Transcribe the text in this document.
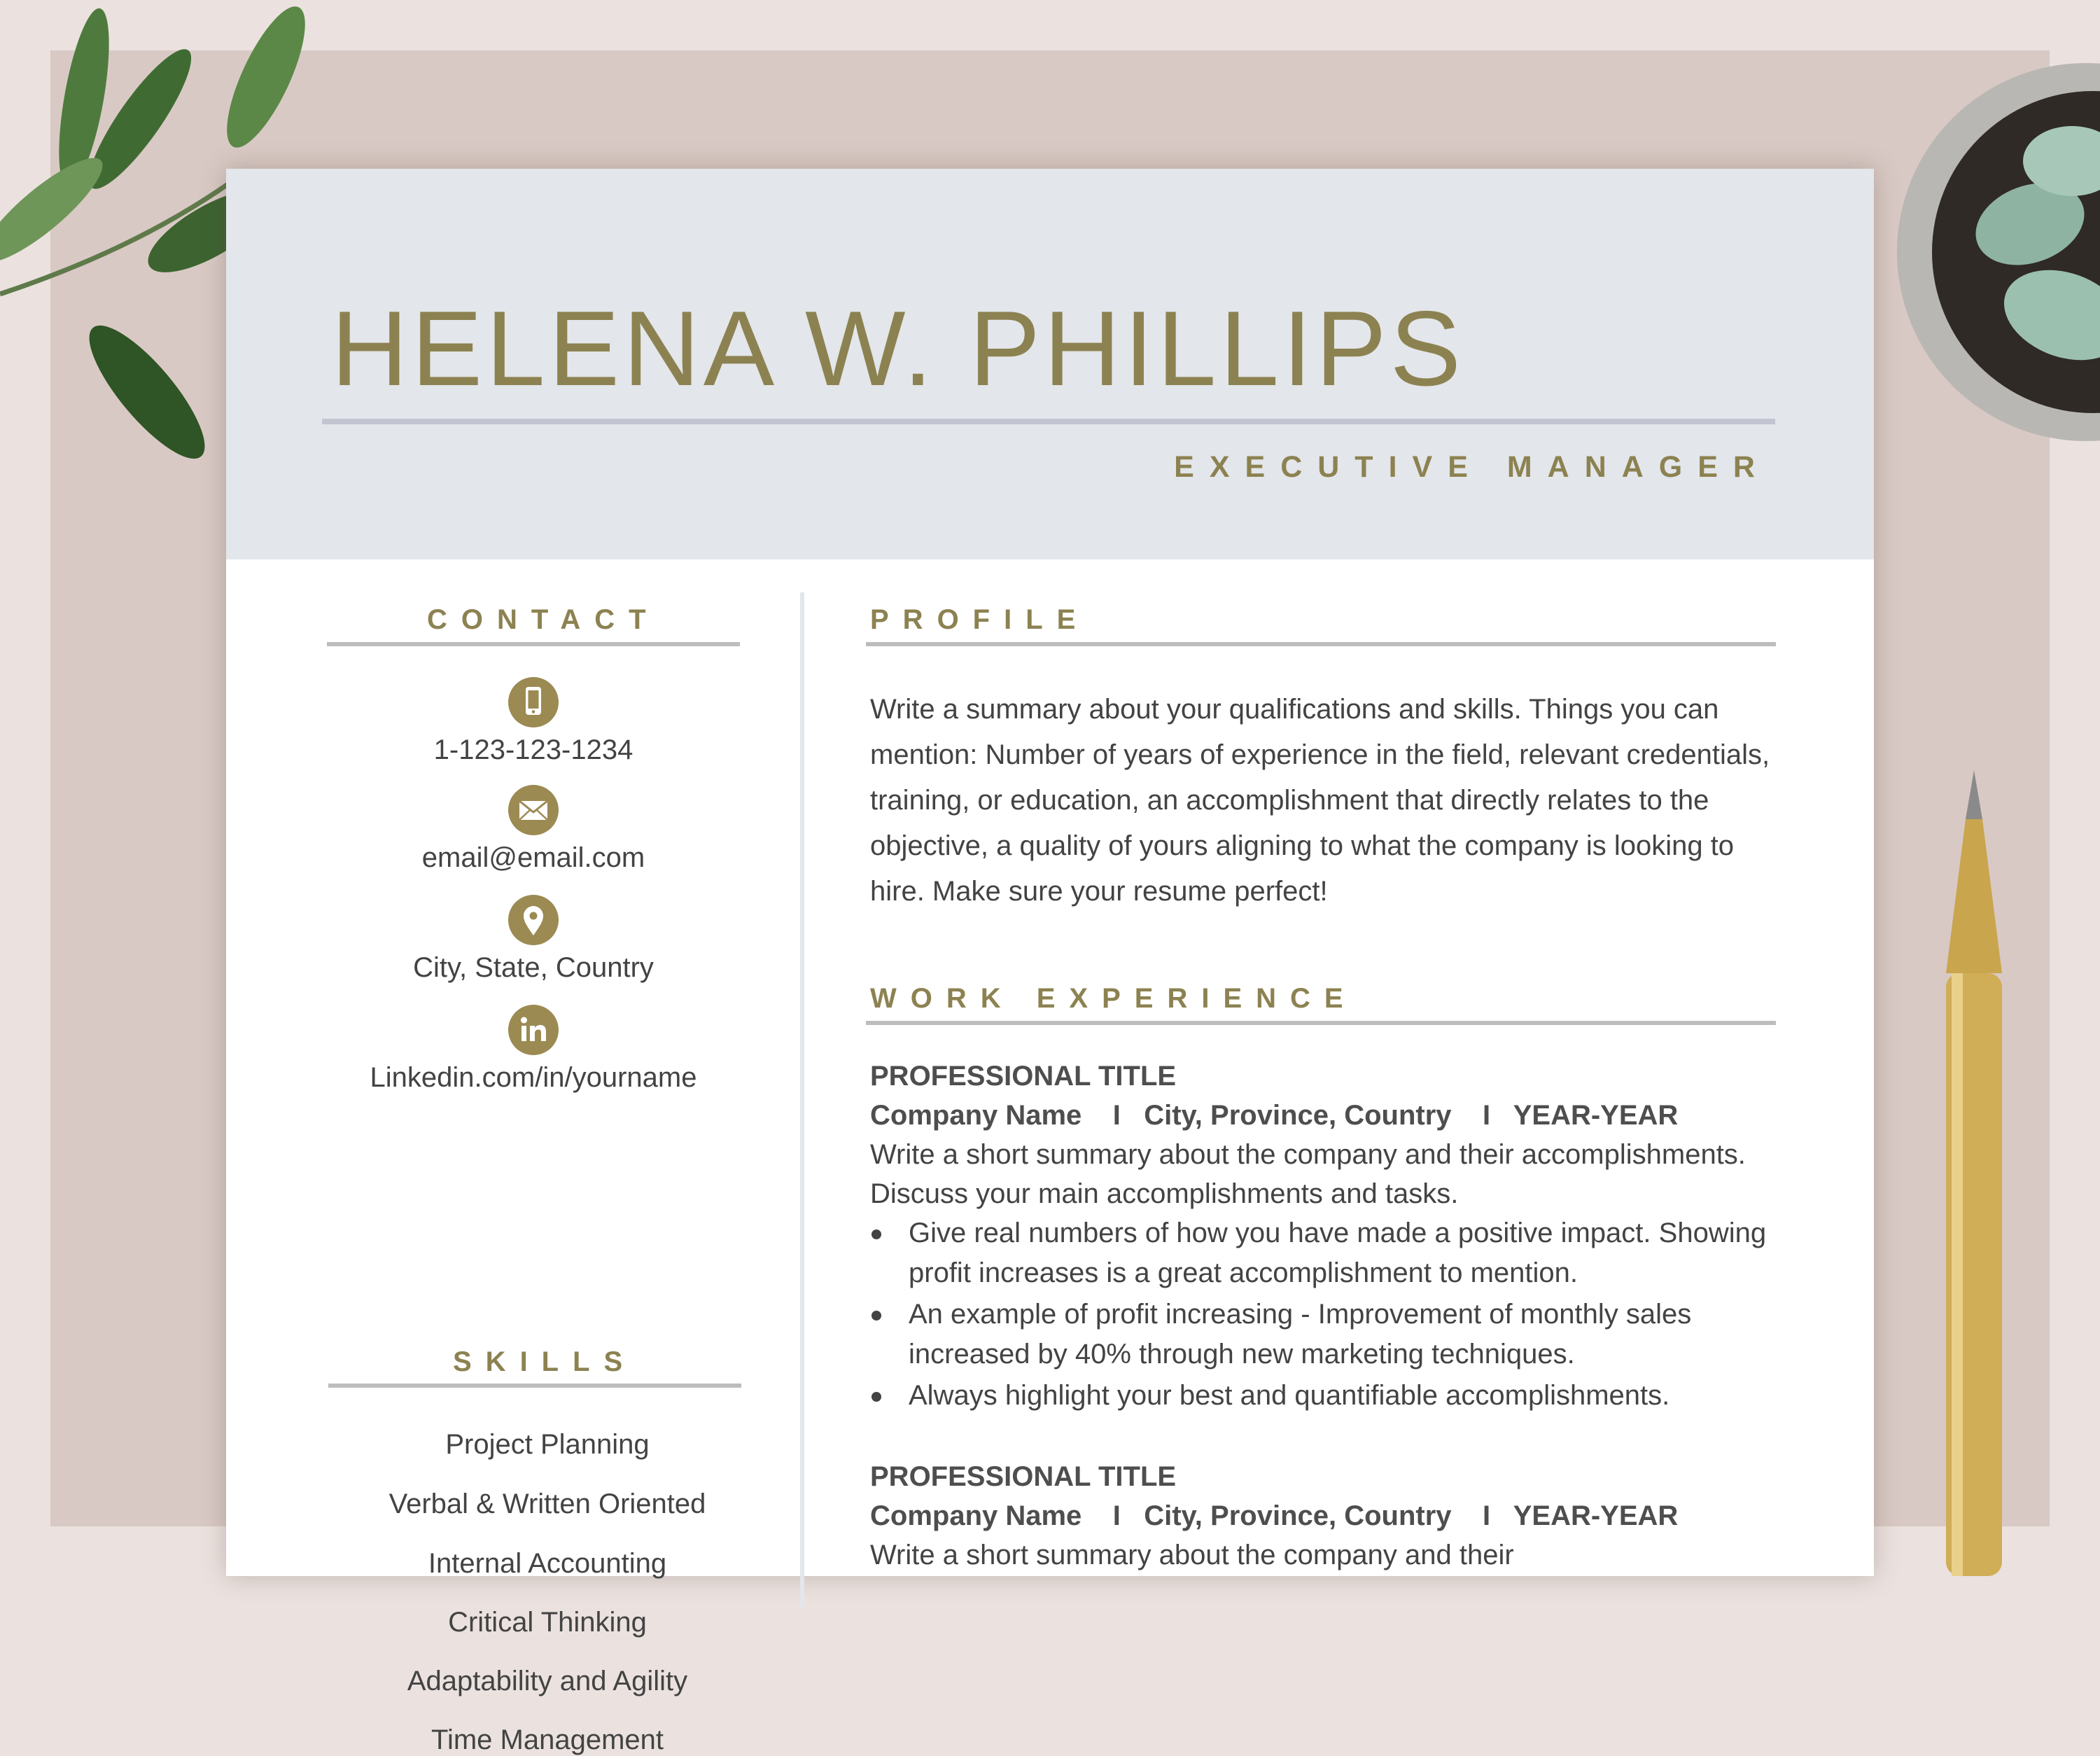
HELENA W. PHILLIPS
EXECUTIVE MANAGER
CONTACT
1-123-123-1234
email@email.com
City, State, Country
Linkedin.com/in/yourname
SKILLS
Project Planning
Verbal & Written Oriented
Internal Accounting
Critical Thinking
Adaptability and Agility
Time Management
PROFILE
Write a summary about your qualifications and skills. Things you can mention: Number of years of experience in the field, relevant credentials, training, or education, an accomplishment that directly relates to the objective, a quality of yours aligning to what the company is looking to hire. Make sure your resume perfect!
WORK EXPERIENCE
PROFESSIONAL TITLE
Company Name    I   City, Province, Country    I   YEAR-YEAR
Write a short summary about the company and their accomplishments. Discuss your main accomplishments and tasks.
Give real numbers of how you have made a positive impact. Showing profit increases is a great accomplishment to mention.
An example of profit increasing - Improvement of monthly sales increased by 40% through new marketing techniques.
Always highlight your best and quantifiable accomplishments.
PROFESSIONAL TITLE
Company Name    I   City, Province, Country    I   YEAR-YEAR
Write a short summary about the company and their
